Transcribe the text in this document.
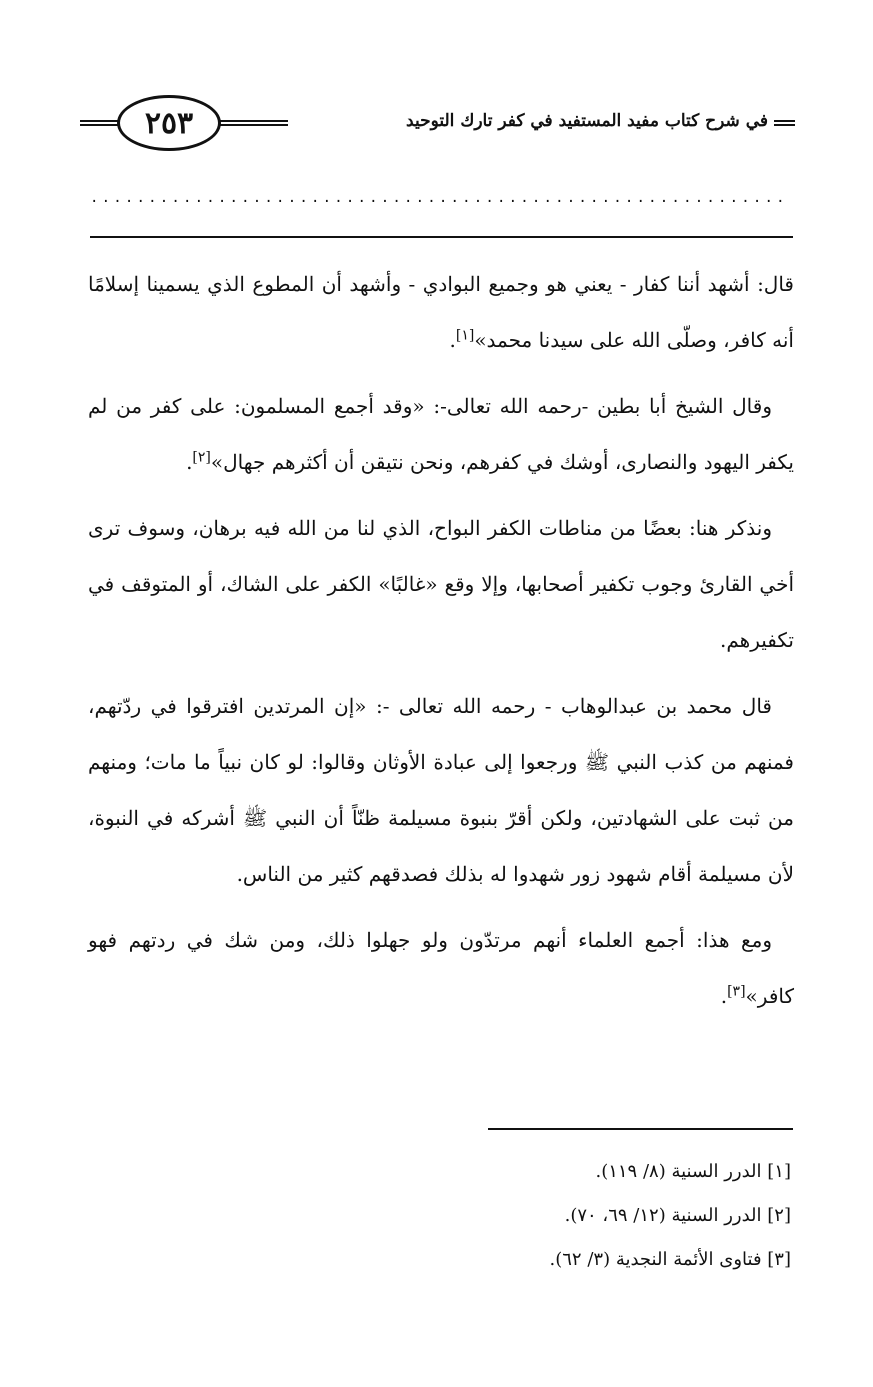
٢٥٣	في شرح كتاب مفيد المستفيد في كفر تارك التوحيد
.....

قال: أشهد أننا كفار - يعني هو وجميع البوادي - وأشهد أن المطوع الذي يسمينا إسلامًا أنه كافر، وصلّى الله على سيدنا محمد»[١].

وقال الشيخ أبا بطين -رحمه الله تعالى-: «وقد أجمع المسلمون: على كفر من لم يكفر اليهود والنصارى، أوشك في كفرهم، ونحن نتيقن أن أكثرهم جهال»[٢].

ونذكر هنا: بعضًا من مناطات الكفر البواح، الذي لنا من الله فيه برهان، وسوف ترى أخي القارئ وجوب تكفير أصحابها، وإلا وقع «غالبًا» الكفر على الشاك، أو المتوقف في تكفيرهم.

قال محمد بن عبدالوهاب - رحمه الله تعالى -: «إن المرتدين افترقوا في ردّتهم، فمنهم من كذب النبي ﷺ ورجعوا إلى عبادة الأوثان وقالوا: لو كان نبياً ما مات؛ ومنهم من ثبت على الشهادتين، ولكن أقرّ بنبوة مسيلمة ظنّاً أن النبي ﷺ أشركه في النبوة، لأن مسيلمة أقام شهود زور شهدوا له بذلك فصدقهم كثير من الناس.

ومع هذا: أجمع العلماء أنهم مرتدّون ولو جهلوا ذلك، ومن شك في ردتهم فهو كافر»[٣].

[١] الدرر السنية (٨/ ١١٩).
[٢] الدرر السنية (١٢/ ٦٩، ٧٠).
[٣] فتاوى الأئمة النجدية (٣/ ٦٢).
